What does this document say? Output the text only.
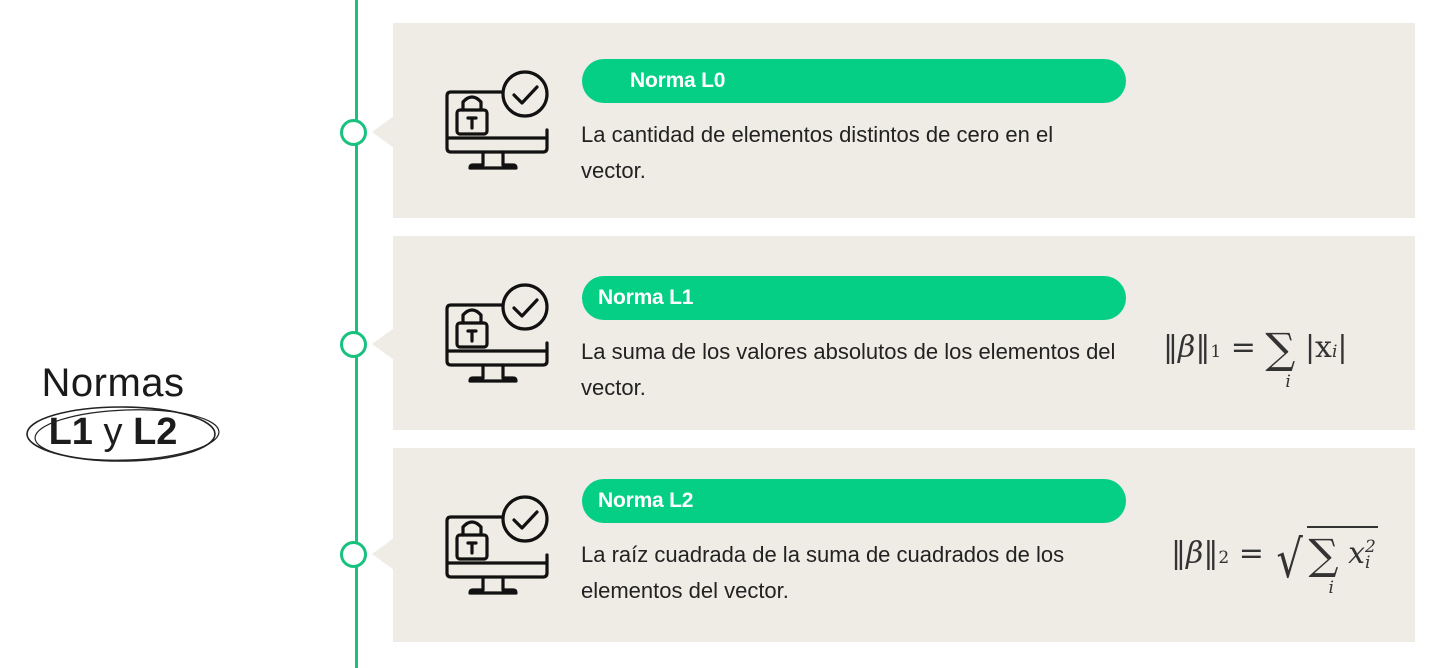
Normas
L1 y L2
Norma L0
La cantidad de elementos distintos de cero en el vector.
Norma L1
La suma de los valores absolutos de los elementos del vector.
‖β‖1 = ∑
i
|xi|
Norma L2
La raíz cuadrada de la suma de cuadrados de los elementos del vector.
‖β‖2 = √ ∑
i
x 2
i
